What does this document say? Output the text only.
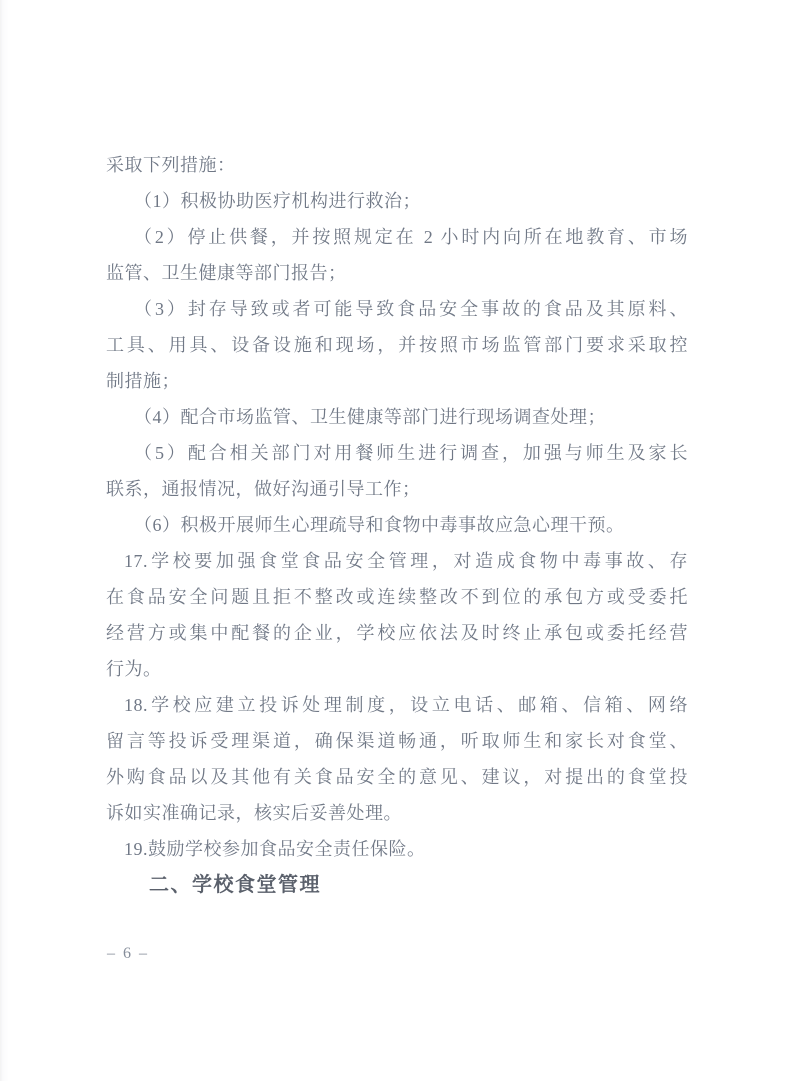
采取下列措施：
（1）积极协助医疗机构进行救治；
（2）停止供餐，并按照规定在 2 小时内向所在地教育、市场
监管、卫生健康等部门报告；
（3）封存导致或者可能导致食品安全事故的食品及其原料、
工具、用具、设备设施和现场，并按照市场监管部门要求采取控
制措施；
（4）配合市场监管、卫生健康等部门进行现场调查处理；
（5）配合相关部门对用餐师生进行调查，加强与师生及家长
联系，通报情况，做好沟通引导工作；
（6）积极开展师生心理疏导和食物中毒事故应急心理干预。
17.学校要加强食堂食品安全管理，对造成食物中毒事故、存
在食品安全问题且拒不整改或连续整改不到位的承包方或受委托
经营方或集中配餐的企业，学校应依法及时终止承包或委托经营
行为。
18.学校应建立投诉处理制度，设立电话、邮箱、信箱、网络
留言等投诉受理渠道，确保渠道畅通，听取师生和家长对食堂、
外购食品以及其他有关食品安全的意见、建议，对提出的食堂投
诉如实准确记录，核实后妥善处理。
19.鼓励学校参加食品安全责任保险。
二、学校食堂管理
– 6 –
